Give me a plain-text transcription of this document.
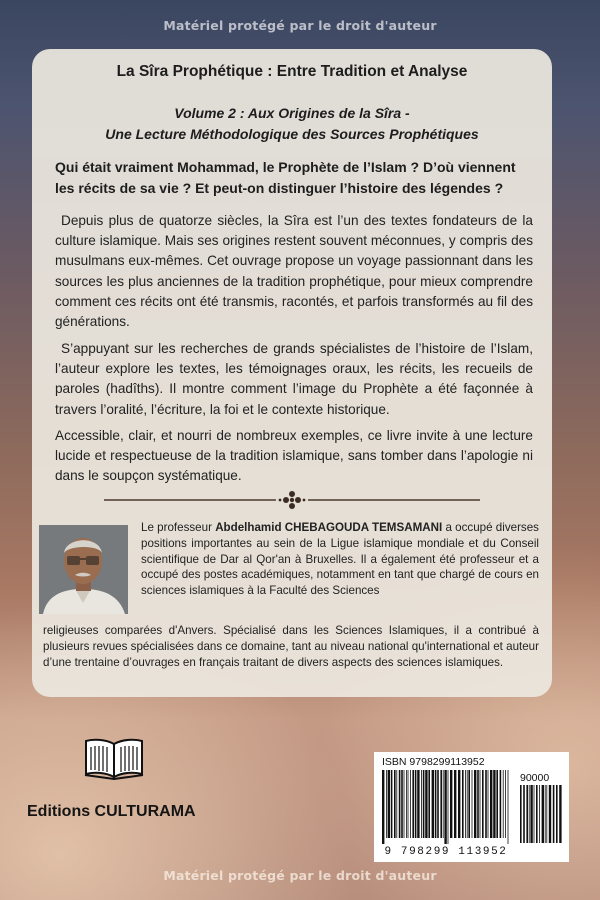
Matériel protégé par le droit d'auteur
La Sîra Prophétique : Entre Tradition et Analyse
Volume 2 : Aux Origines de la Sîra -
Une Lecture Méthodologique des Sources Prophétiques
Qui était vraiment Mohammad, le Prophète de l’Islam ? D’où viennent les récits de sa vie ? Et peut-on distinguer l’histoire des légendes ?
Depuis plus de quatorze siècles, la Sîra est l’un des textes fondateurs de la culture islamique. Mais ses origines restent souvent méconnues, y compris des musulmans eux-mêmes. Cet ouvrage propose un voyage passionnant dans les sources les plus anciennes de la tradition prophétique, pour mieux comprendre comment ces récits ont été transmis, racontés, et parfois transformés au fil des générations.
S’appuyant sur les recherches de grands spécialistes de l’histoire de l’Islam, l’auteur explore les textes, les témoignages oraux, les récits, les recueils de paroles (hadîths). Il montre comment l’image du Prophète a été façonnée à travers l’oralité, l’écriture, la foi et le contexte historique.
Accessible, clair, et nourri de nombreux exemples, ce livre invite à une lecture lucide et respectueuse de la tradition islamique, sans tomber dans l’apologie ni dans le soupçon systématique.
Le professeur Abdelhamid CHEBAGOUDA TEMSAMANI a occupé diverses positions importantes au sein de la Ligue islamique mondiale et du Conseil scientifique de Dar al Qor'an à Bruxelles. Il a également été professeur et a occupé des postes académiques, notamment en tant que chargé de cours en sciences islamiques à la Faculté des Sciences
religieuses comparées d'Anvers. Spécialisé dans les Sciences Islamiques, il a contribué à plusieurs revues spécialisées dans ce domaine, tant au niveau national qu'international et auteur d’une trentaine d’ouvrages en français traitant de divers aspects des sciences islamiques.
Editions CULTURAMA
ISBN 9798299113952
90000
9 798299 113952
Matériel protégé par le droit d'auteur
